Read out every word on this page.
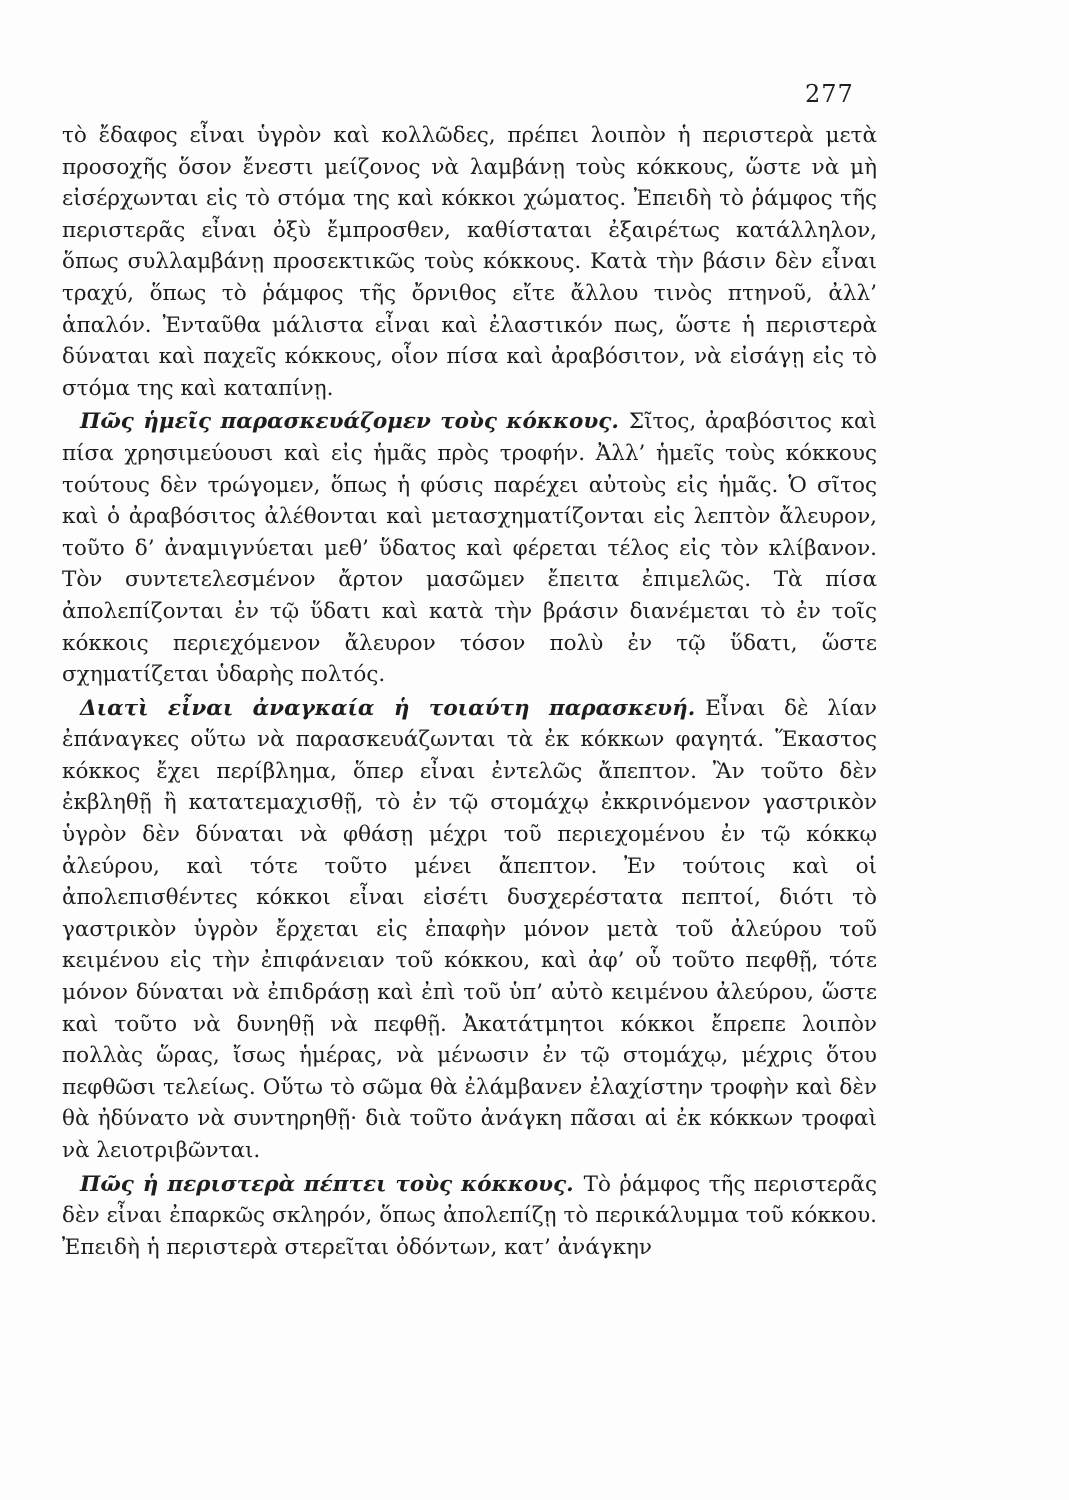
277

τὸ ἔδαφος εἶναι ὑγρὸν καὶ κολλῶδες, πρέπει λοιπὸν ἡ περιστερὰ μετὰ προσοχῆς ὅσον ἔνεστι μείζονος νὰ λαμβάνῃ τοὺς κόκκους, ὥστε νὰ μὴ εἰσέρχωνται εἰς τὸ στόμα της καὶ κόκκοι χώματος. Ἐπειδὴ τὸ ῥάμφος τῆς περιστερᾶς εἶναι ὀξὺ ἔμπροσθεν, καθίσταται ἐξαιρέτως κατάλληλον, ὅπως συλλαμβάνῃ προσεκτικῶς τοὺς κόκκους. Κατὰ τὴν βάσιν δὲν εἶναι τραχύ, ὅπως τὸ ῥάμφος τῆς ὄρνιθος εἴτε ἄλλου τινὸς πτηνοῦ, ἀλλ’ ἁπαλόν. Ἐνταῦθα μάλιστα εἶναι καὶ ἐλαστικόν πως, ὥστε ἡ περιστερὰ δύναται καὶ παχεῖς κόκκους, οἷον πίσα καὶ ἀραβόσιτον, νὰ εἰσάγῃ εἰς τὸ στόμα της καὶ καταπίνῃ.

Πῶς ἡμεῖς παρασκευάζομεν τοὺς κόκκους. Σῖτος, ἀραβόσιτος καὶ πίσα χρησιμεύουσι καὶ εἰς ἡμᾶς πρὸς τροφήν. Ἀλλ’ ἡμεῖς τοὺς κόκκους τούτους δὲν τρώγομεν, ὅπως ἡ φύσις παρέχει αὐτοὺς εἰς ἡμᾶς. Ὁ σῖτος καὶ ὁ ἀραβόσιτος ἀλέθονται καὶ μετασχηματίζονται εἰς λεπτὸν ἄλευρον, τοῦτο δ’ ἀναμιγνύεται μεθ’ ὕδατος καὶ φέρεται τέλος εἰς τὸν κλίβανον. Τὸν συντετελεσμένον ἄρτον μασῶμεν ἔπειτα ἐπιμελῶς. Τὰ πίσα ἀπολεπίζονται ἐν τῷ ὕδατι καὶ κατὰ τὴν βράσιν διανέμεται τὸ ἐν τοῖς κόκκοις περιεχόμενον ἄλευρον τόσον πολὺ ἐν τῷ ὕδατι, ὥστε σχηματίζεται ὑδαρὴς πολτός.

Διατὶ εἶναι ἀναγκαία ἡ τοιαύτη παρασκευή. Εἶναι δὲ λίαν ἐπάναγκες οὕτω νὰ παρασκευάζωνται τὰ ἐκ κόκκων φαγητά. Ἕκαστος κόκκος ἔχει περίβλημα, ὅπερ εἶναι ἐντελῶς ἄπεπτον. Ἂν τοῦτο δὲν ἐκβληθῇ ἢ κατατεμαχισθῇ, τὸ ἐν τῷ στομάχῳ ἐκκρινόμενον γαστρικὸν ὑγρὸν δὲν δύναται νὰ φθάσῃ μέχρι τοῦ περιεχομένου ἐν τῷ κόκκῳ ἀλεύρου, καὶ τότε τοῦτο μένει ἄπεπτον. Ἐν τούτοις καὶ οἱ ἀπολεπισθέντες κόκκοι εἶναι εἰσέτι δυσχερέστατα πεπτοί, διότι τὸ γαστρικὸν ὑγρὸν ἔρχεται εἰς ἐπαφὴν μόνον μετὰ τοῦ ἀλεύρου τοῦ κειμένου εἰς τὴν ἐπιφάνειαν τοῦ κόκκου, καὶ ἀφ’ οὗ τοῦτο πεφθῇ, τότε μόνον δύναται νὰ ἐπιδράσῃ καὶ ἐπὶ τοῦ ὑπ’ αὐτὸ κειμένου ἀλεύρου, ὥστε καὶ τοῦτο νὰ δυνηθῇ νὰ πεφθῇ. Ἀκατάτμητοι κόκκοι ἔπρεπε λοιπὸν πολλὰς ὥρας, ἴσως ἡμέρας, νὰ μένωσιν ἐν τῷ στομάχῳ, μέχρις ὅτου πεφθῶσι τελείως. Οὕτω τὸ σῶμα θὰ ἐλάμβανεν ἐλαχίστην τροφὴν καὶ δὲν θὰ ἠδύνατο νὰ συντηρηθῇ· διὰ τοῦτο ἀνάγκη πᾶσαι αἱ ἐκ κόκκων τροφαὶ νὰ λειοτριβῶνται.

Πῶς ἡ περιστερὰ πέπτει τοὺς κόκκους. Τὸ ῥάμφος τῆς περιστερᾶς δὲν εἶναι ἐπαρκῶς σκληρόν, ὅπως ἀπολεπίζῃ τὸ περικάλυμμα τοῦ κόκκου. Ἐπειδὴ ἡ περιστερὰ στερεῖται ὀδόντων, κατ’ ἀνάγκην
